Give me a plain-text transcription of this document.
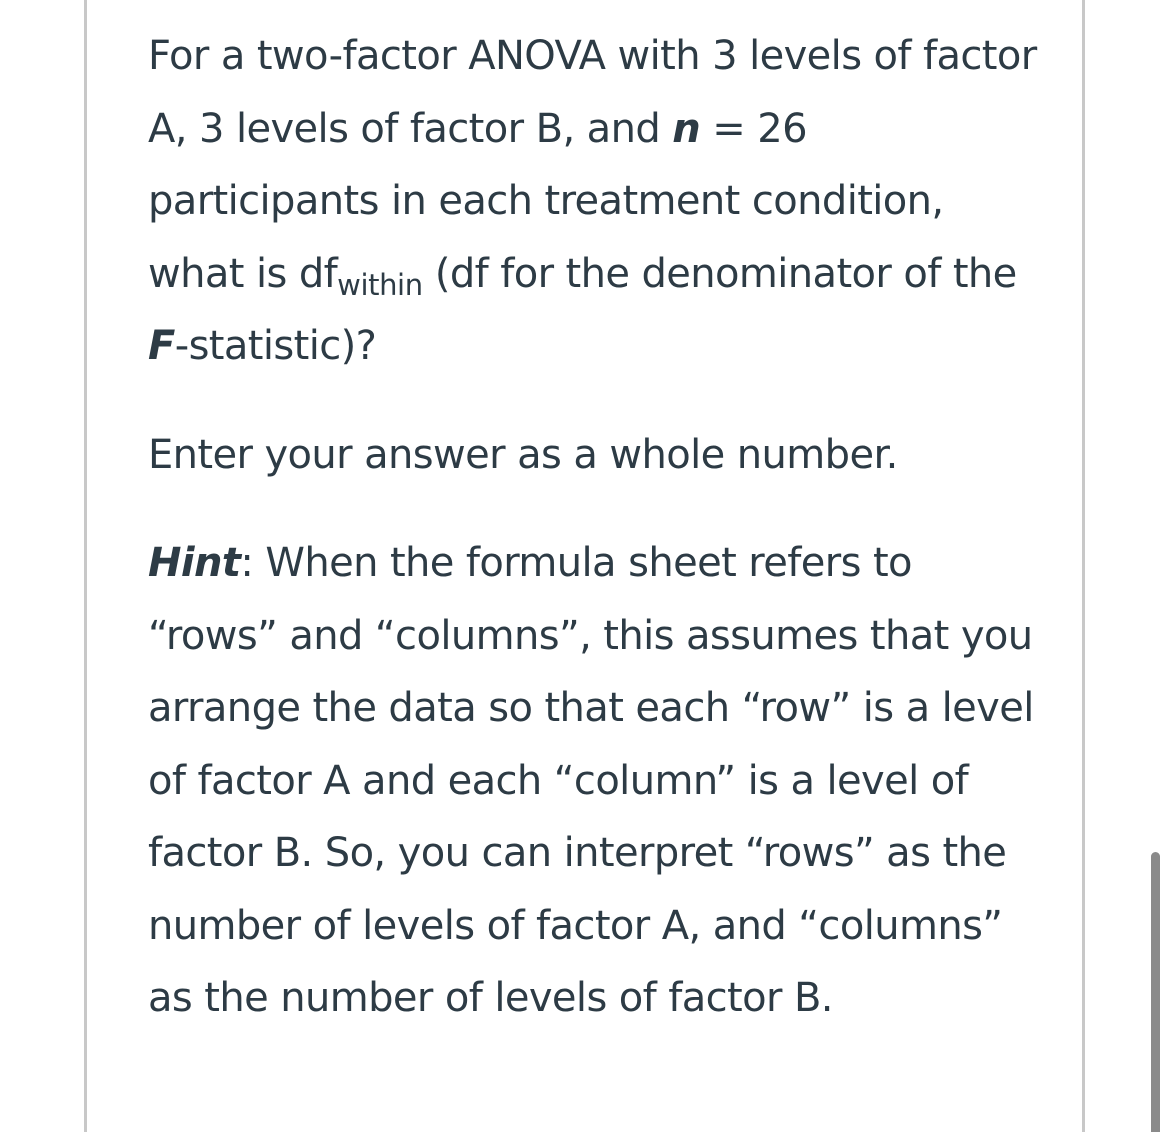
For a two-factor ANOVA with 3 levels of factor A, 3 levels of factor B, and n = 26 participants in each treatment condition, what is $df_{within}$ (df for the denominator of the F-statistic)?

Enter your answer as a whole number.

Hint: When the formula sheet refers to “rows” and “columns”, this assumes that you arrange the data so that each “row” is a level of factor A and each “column” is a level of factor B. So, you can interpret “rows” as the number of levels of factor A, and “columns” as the number of levels of factor B.
